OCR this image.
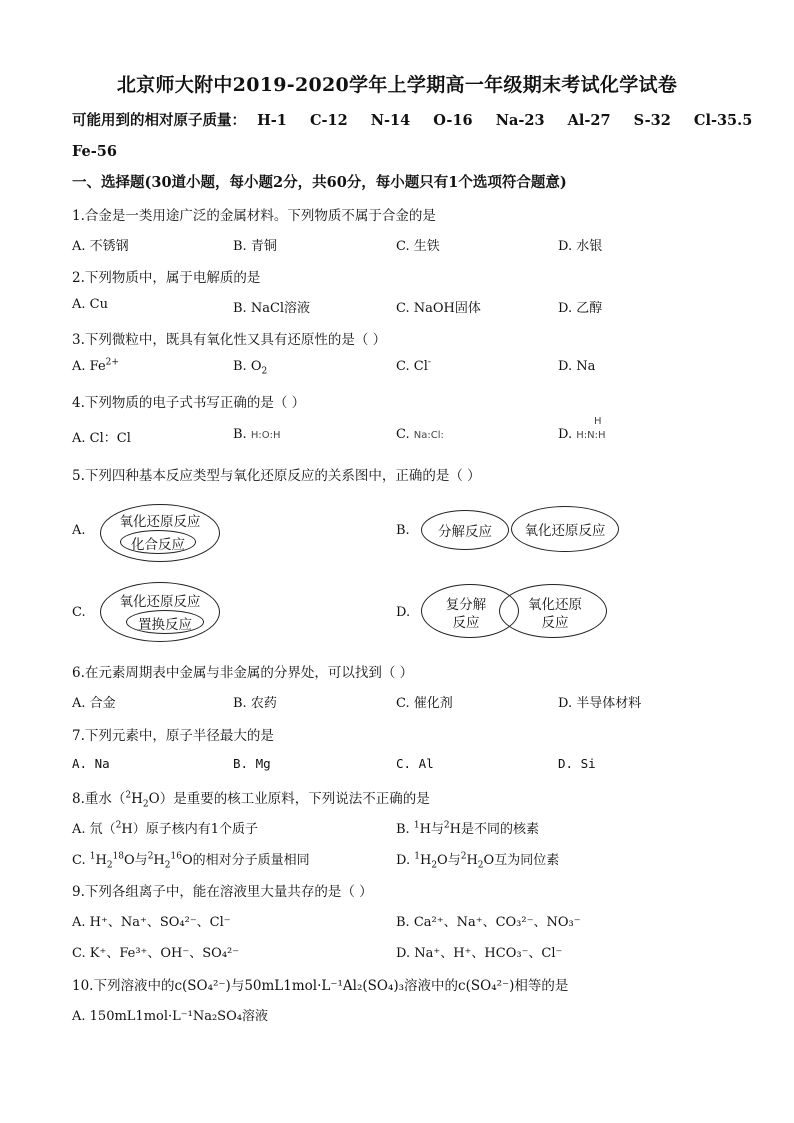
北京师大附中2019-2020学年上学期高一年级期末考试化学试卷
可能用到的相对原子质量： H-1 C-12 N-14 O-16 Na-23 Al-27 S-32 Cl-35.5
Fe-56
一、选择题(30道小题，每小题2分，共60分，每小题只有1个选项符合题意)
1.合金是一类用途广泛的金属材料。下列物质不属于合金的是
A. 不锈钢	B. 青铜	C. 生铁	D. 水银
2.下列物质中，属于电解质的是
A. Cu	B. NaCl溶液	C. NaOH固体	D. 乙醇
3.下列微粒中，既具有氧化性又具有还原性的是（ ）
A. $Fe^{2+}$	B. $O_2$	C. Cl-	D. Na
4.下列物质的电子式书写正确的是（ ）
A. Cl：Cl	B. H꞉O꞉H	C. Na꞉Cl꞉	D. H꞉N꞉H
H
5.下列四种基本反应类型与氧化还原反应的关系图中，正确的是（ ）
A.
氧化还原反应
化合反应
B.	分解反应	氧化还原反应
C.
氧化还原反应
置换反应
D.	复分解
反应
氧化还原
反应
6.在元素周期表中金属与非金属的分界处，可以找到（ ）
A. 合金	B. 农药	C. 催化剂	D. 半导体材料
7.下列元素中，原子半径最大的是
A. Na	B. Mg	C. Al	D. Si
8.重水$(^2H_2O)$是重要的核工业原料，下列说法不正确的是
A. 氘（$^2$H）原子核内有1个质子	B. $^1$H与$^2$H是不同的核素
C. $^1H_2^{18}O$与$^2H_2^{16}O$的相对分子质量相同	D. $^1H_2O$与$^2H_2O$互为同位素
9.下列各组离子中，能在溶液里大量共存的是（ ）
A. H⁺、Na⁺、SO₄²⁻、Cl⁻	B. Ca²⁺、Na⁺、CO₃²⁻、NO₃⁻
C. K⁺、Fe³⁺、OH⁻、SO₄²⁻	D. Na⁺、H⁺、HCO₃⁻、Cl⁻
10.下列溶液中的c(SO₄²⁻)与50mL1mol·L⁻¹Al₂(SO₄)₃溶液中的c(SO₄²⁻)相等的是
A. 150mL1mol·L⁻¹Na₂SO₄溶液
